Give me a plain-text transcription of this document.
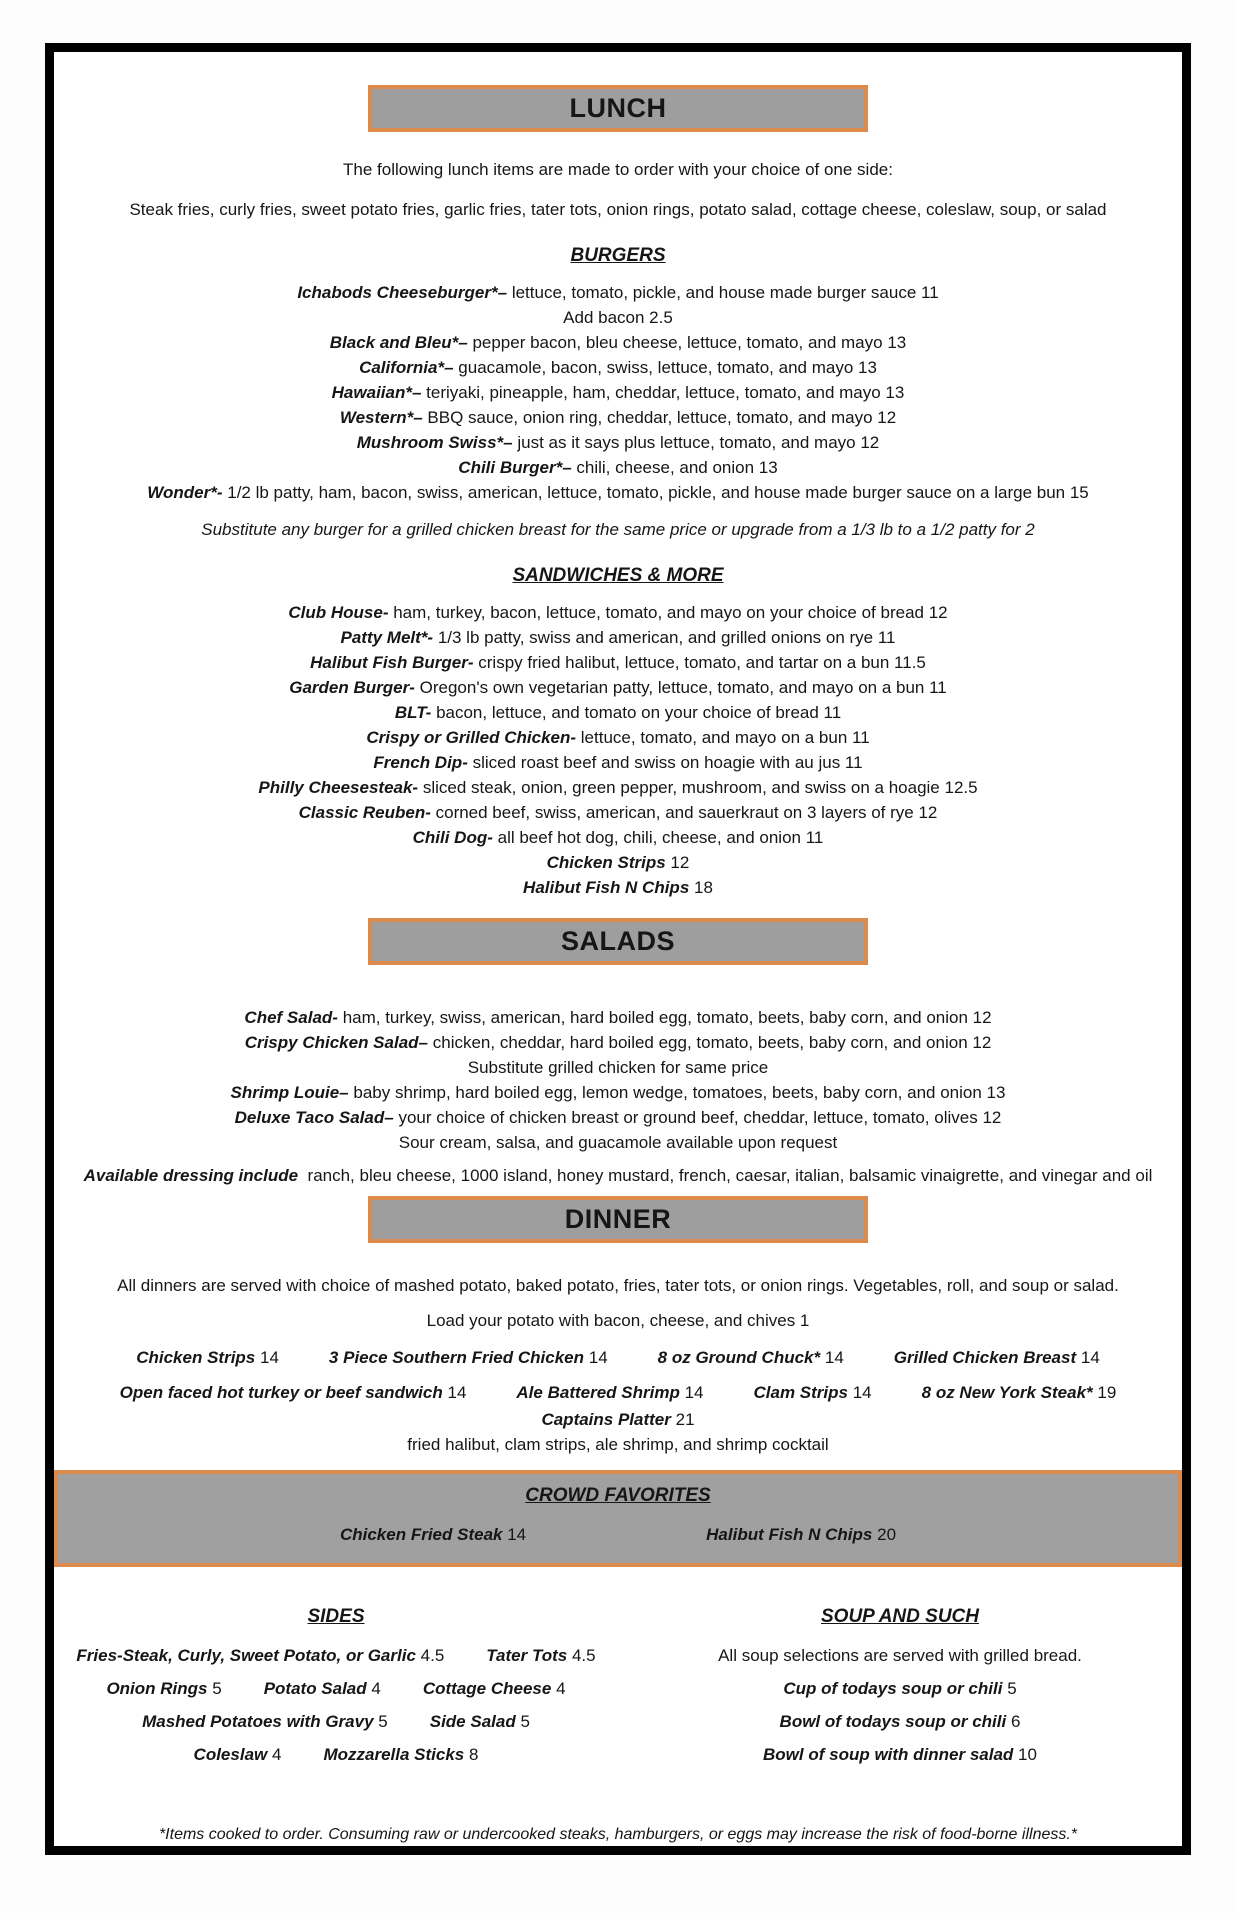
LUNCH

The following lunch items are made to order with your choice of one side:

Steak fries, curly fries, sweet potato fries, garlic fries, tater tots, onion rings, potato salad, cottage cheese, coleslaw, soup, or salad

BURGERS

Ichabods Cheeseburger*– lettuce, tomato, pickle, and house made burger sauce 11

Add bacon 2.5

Black and Bleu*– pepper bacon, bleu cheese, lettuce, tomato, and mayo 13

California*– guacamole, bacon, swiss, lettuce, tomato, and mayo 13

Hawaiian*– teriyaki, pineapple, ham, cheddar, lettuce, tomato, and mayo 13

Western*– BBQ sauce, onion ring, cheddar, lettuce, tomato, and mayo 12

Mushroom Swiss*– just as it says plus lettuce, tomato, and mayo 12

Chili Burger*– chili, cheese, and onion 13

Wonder*- 1/2 lb patty, ham, bacon, swiss, american, lettuce, tomato, pickle, and house made burger sauce on a large bun 15

Substitute any burger for a grilled chicken breast for the same price or upgrade from a 1/3 lb to a 1/2 patty for 2

SANDWICHES & MORE

Club House- ham, turkey, bacon, lettuce, tomato, and mayo on your choice of bread 12

Patty Melt*- 1/3 lb patty, swiss and american, and grilled onions on rye 11

Halibut Fish Burger- crispy fried halibut, lettuce, tomato, and tartar on a bun 11.5

Garden Burger- Oregon's own vegetarian patty, lettuce, tomato, and mayo on a bun 11

BLT- bacon, lettuce, and tomato on your choice of bread 11

Crispy or Grilled Chicken- lettuce, tomato, and mayo on a bun 11

French Dip- sliced roast beef and swiss on hoagie with au jus 11

Philly Cheesesteak- sliced steak, onion, green pepper, mushroom, and swiss on a hoagie 12.5

Classic Reuben- corned beef, swiss, american, and sauerkraut on 3 layers of rye 12

Chili Dog- all beef hot dog, chili, cheese, and onion 11

Chicken Strips 12

Halibut Fish N Chips 18

SALADS

Chef Salad- ham, turkey, swiss, american, hard boiled egg, tomato, beets, baby corn, and onion 12

Crispy Chicken Salad– chicken, cheddar, hard boiled egg, tomato, beets, baby corn, and onion 12

Substitute grilled chicken for same price

Shrimp Louie– baby shrimp, hard boiled egg, lemon wedge, tomatoes, beets, baby corn, and onion 13

Deluxe Taco Salad– your choice of chicken breast or ground beef, cheddar, lettuce, tomato, olives 12

Sour cream, salsa, and guacamole available upon request

Available dressing include ranch, bleu cheese, 1000 island, honey mustard, french, caesar, italian, balsamic vinaigrette, and vinegar and oil

DINNER

All dinners are served with choice of mashed potato, baked potato, fries, tater tots, or onion rings. Vegetables, roll, and soup or salad.

Load your potato with bacon, cheese, and chives 1

Chicken Strips 14	3 Piece Southern Fried Chicken 14	8 oz Ground Chuck* 14	Grilled Chicken Breast 14
Open faced hot turkey or beef sandwich 14	Ale Battered Shrimp 14	Clam Strips 14	8 oz New York Steak* 19

Captains Platter 21

fried halibut, clam strips, ale shrimp, and shrimp cocktail

CROWD FAVORITES
Chicken Fried Steak 14	Halibut Fish N Chips 20
SIDES
Fries-Steak, Curly, Sweet Potato, or Garlic 4.5 Tater Tots 4.5
Onion Rings 5 Potato Salad 4 Cottage Cheese 4
Mashed Potatoes with Gravy 5 Side Salad 5
Coleslaw 4 Mozzarella Sticks 8
SOUP AND SUCH

All soup selections are served with grilled bread.

Cup of todays soup or chili 5

Bowl of todays soup or chili 6

Bowl of soup with dinner salad 10

*Items cooked to order. Consuming raw or undercooked steaks, hamburgers, or eggs may increase the risk of food-borne illness.*
